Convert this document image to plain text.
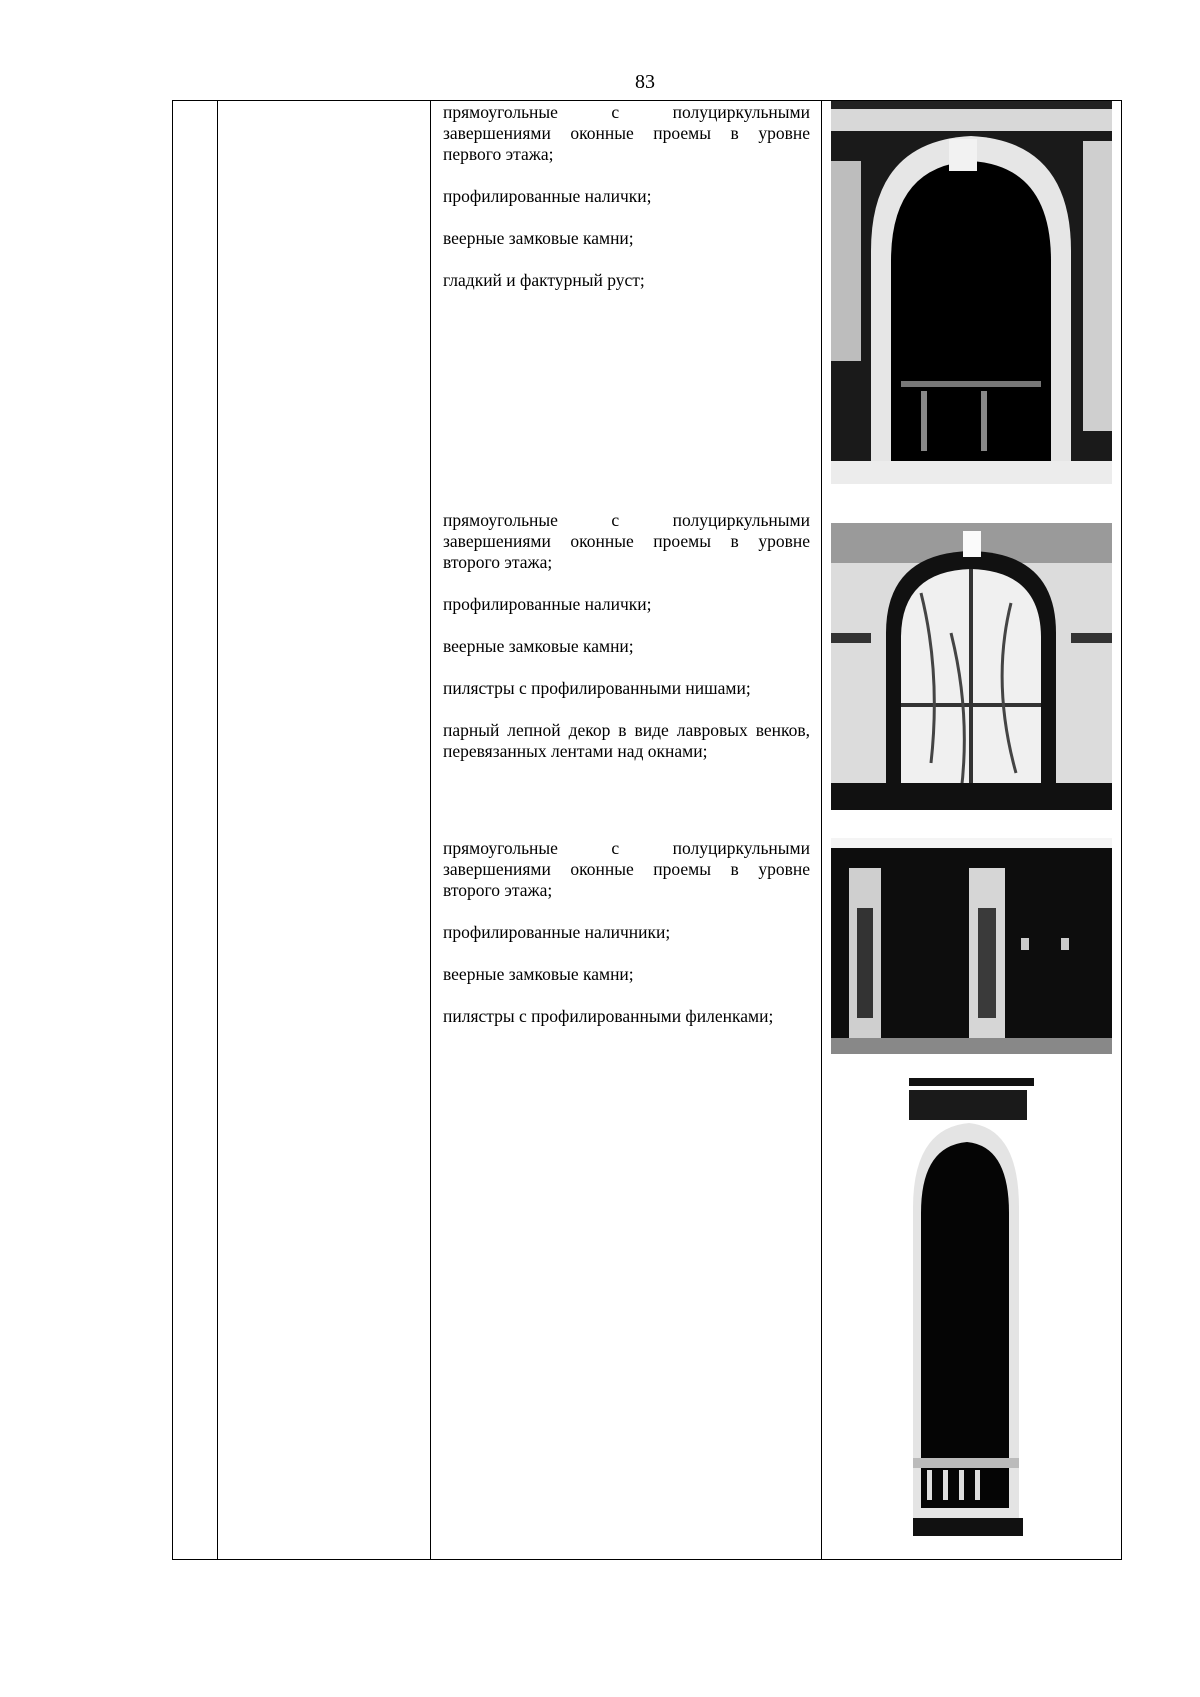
83

прямоугольные с полуциркульными завершениями оконные проемы в уровне первого этажа;

профилированные налички;

веерные замковые камни;

гладкий и фактурный руст;

прямоугольные с полуциркульными завершениями оконные проемы в уровне второго этажа;

профилированные налички;

веерные замковые камни;

пилястры с профилированными нишами;

парный лепной декор в виде лавровых венков, перевязанных лентами над окнами;

прямоугольные с полуциркульными завершениями оконные проемы в уровне второго этажа;

профилированные наличники;

веерные замковые камни;

пилястры с профилированными филенками;
